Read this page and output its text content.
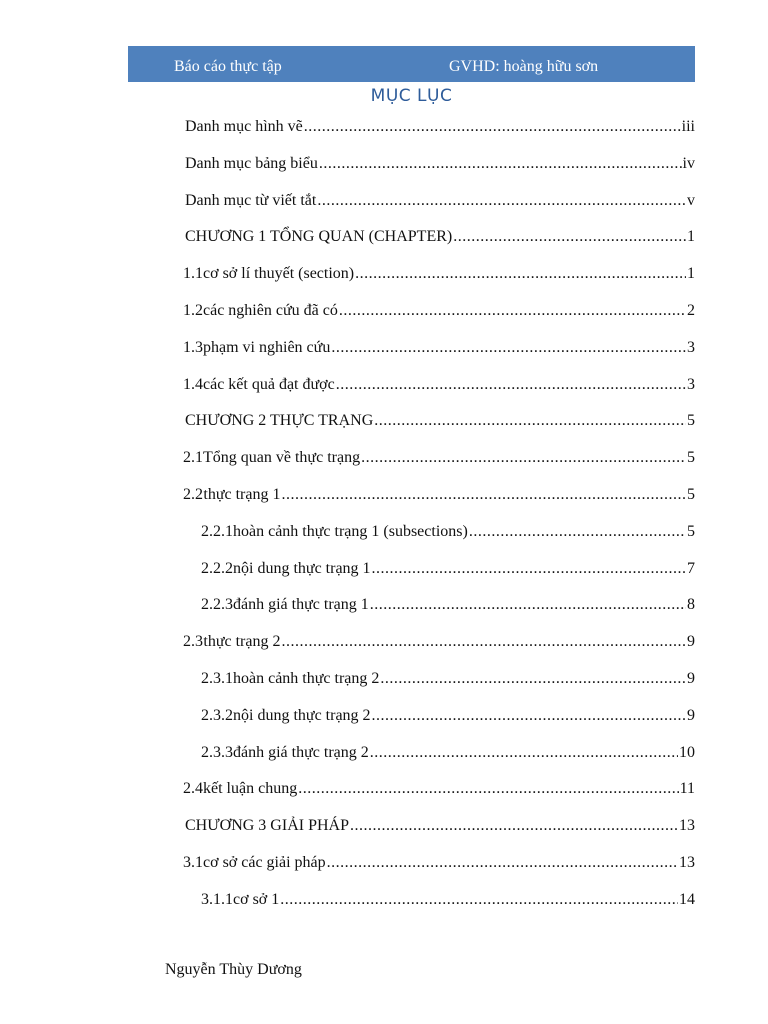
Báo cáo thực tập	GVHD: hoàng hữu sơn
MỤC LỤC
Danh mục hình vẽ .....	iii
Danh mục bảng biểu .....	iv
Danh mục từ viết tắt .....	v
CHƯƠNG 1 TỔNG QUAN (CHAPTER) .....	1
1.1 cơ sở lí thuyết (section) .....	1
1.2 các nghiên cứu đã có .....	2
1.3 phạm vi nghiên cứu .....	3
1.4 các kết quả đạt được .....	3
CHƯƠNG 2 THỰC TRẠNG .....	5
2.1 Tổng quan về thực trạng .....	5
2.2 thực trạng 1 .....	5
2.2.1 hoàn cảnh thực trạng 1 (subsections) .....	5
2.2.2 nội dung thực trạng 1 .....	7
2.2.3 đánh giá thực trạng 1 .....	8
2.3 thực trạng 2 .....	9
2.3.1 hoàn cảnh thực trạng 2 .....	9
2.3.2 nội dung thực trạng 2 .....	9
2.3.3 đánh giá thực trạng 2 .....	10
2.4 kết luận chung .....	11
CHƯƠNG 3 GIẢI PHÁP .....	13
3.1 cơ sở các giải pháp .....	13
3.1.1 cơ sở 1 .....	14
Nguyễn Thùy Dương
